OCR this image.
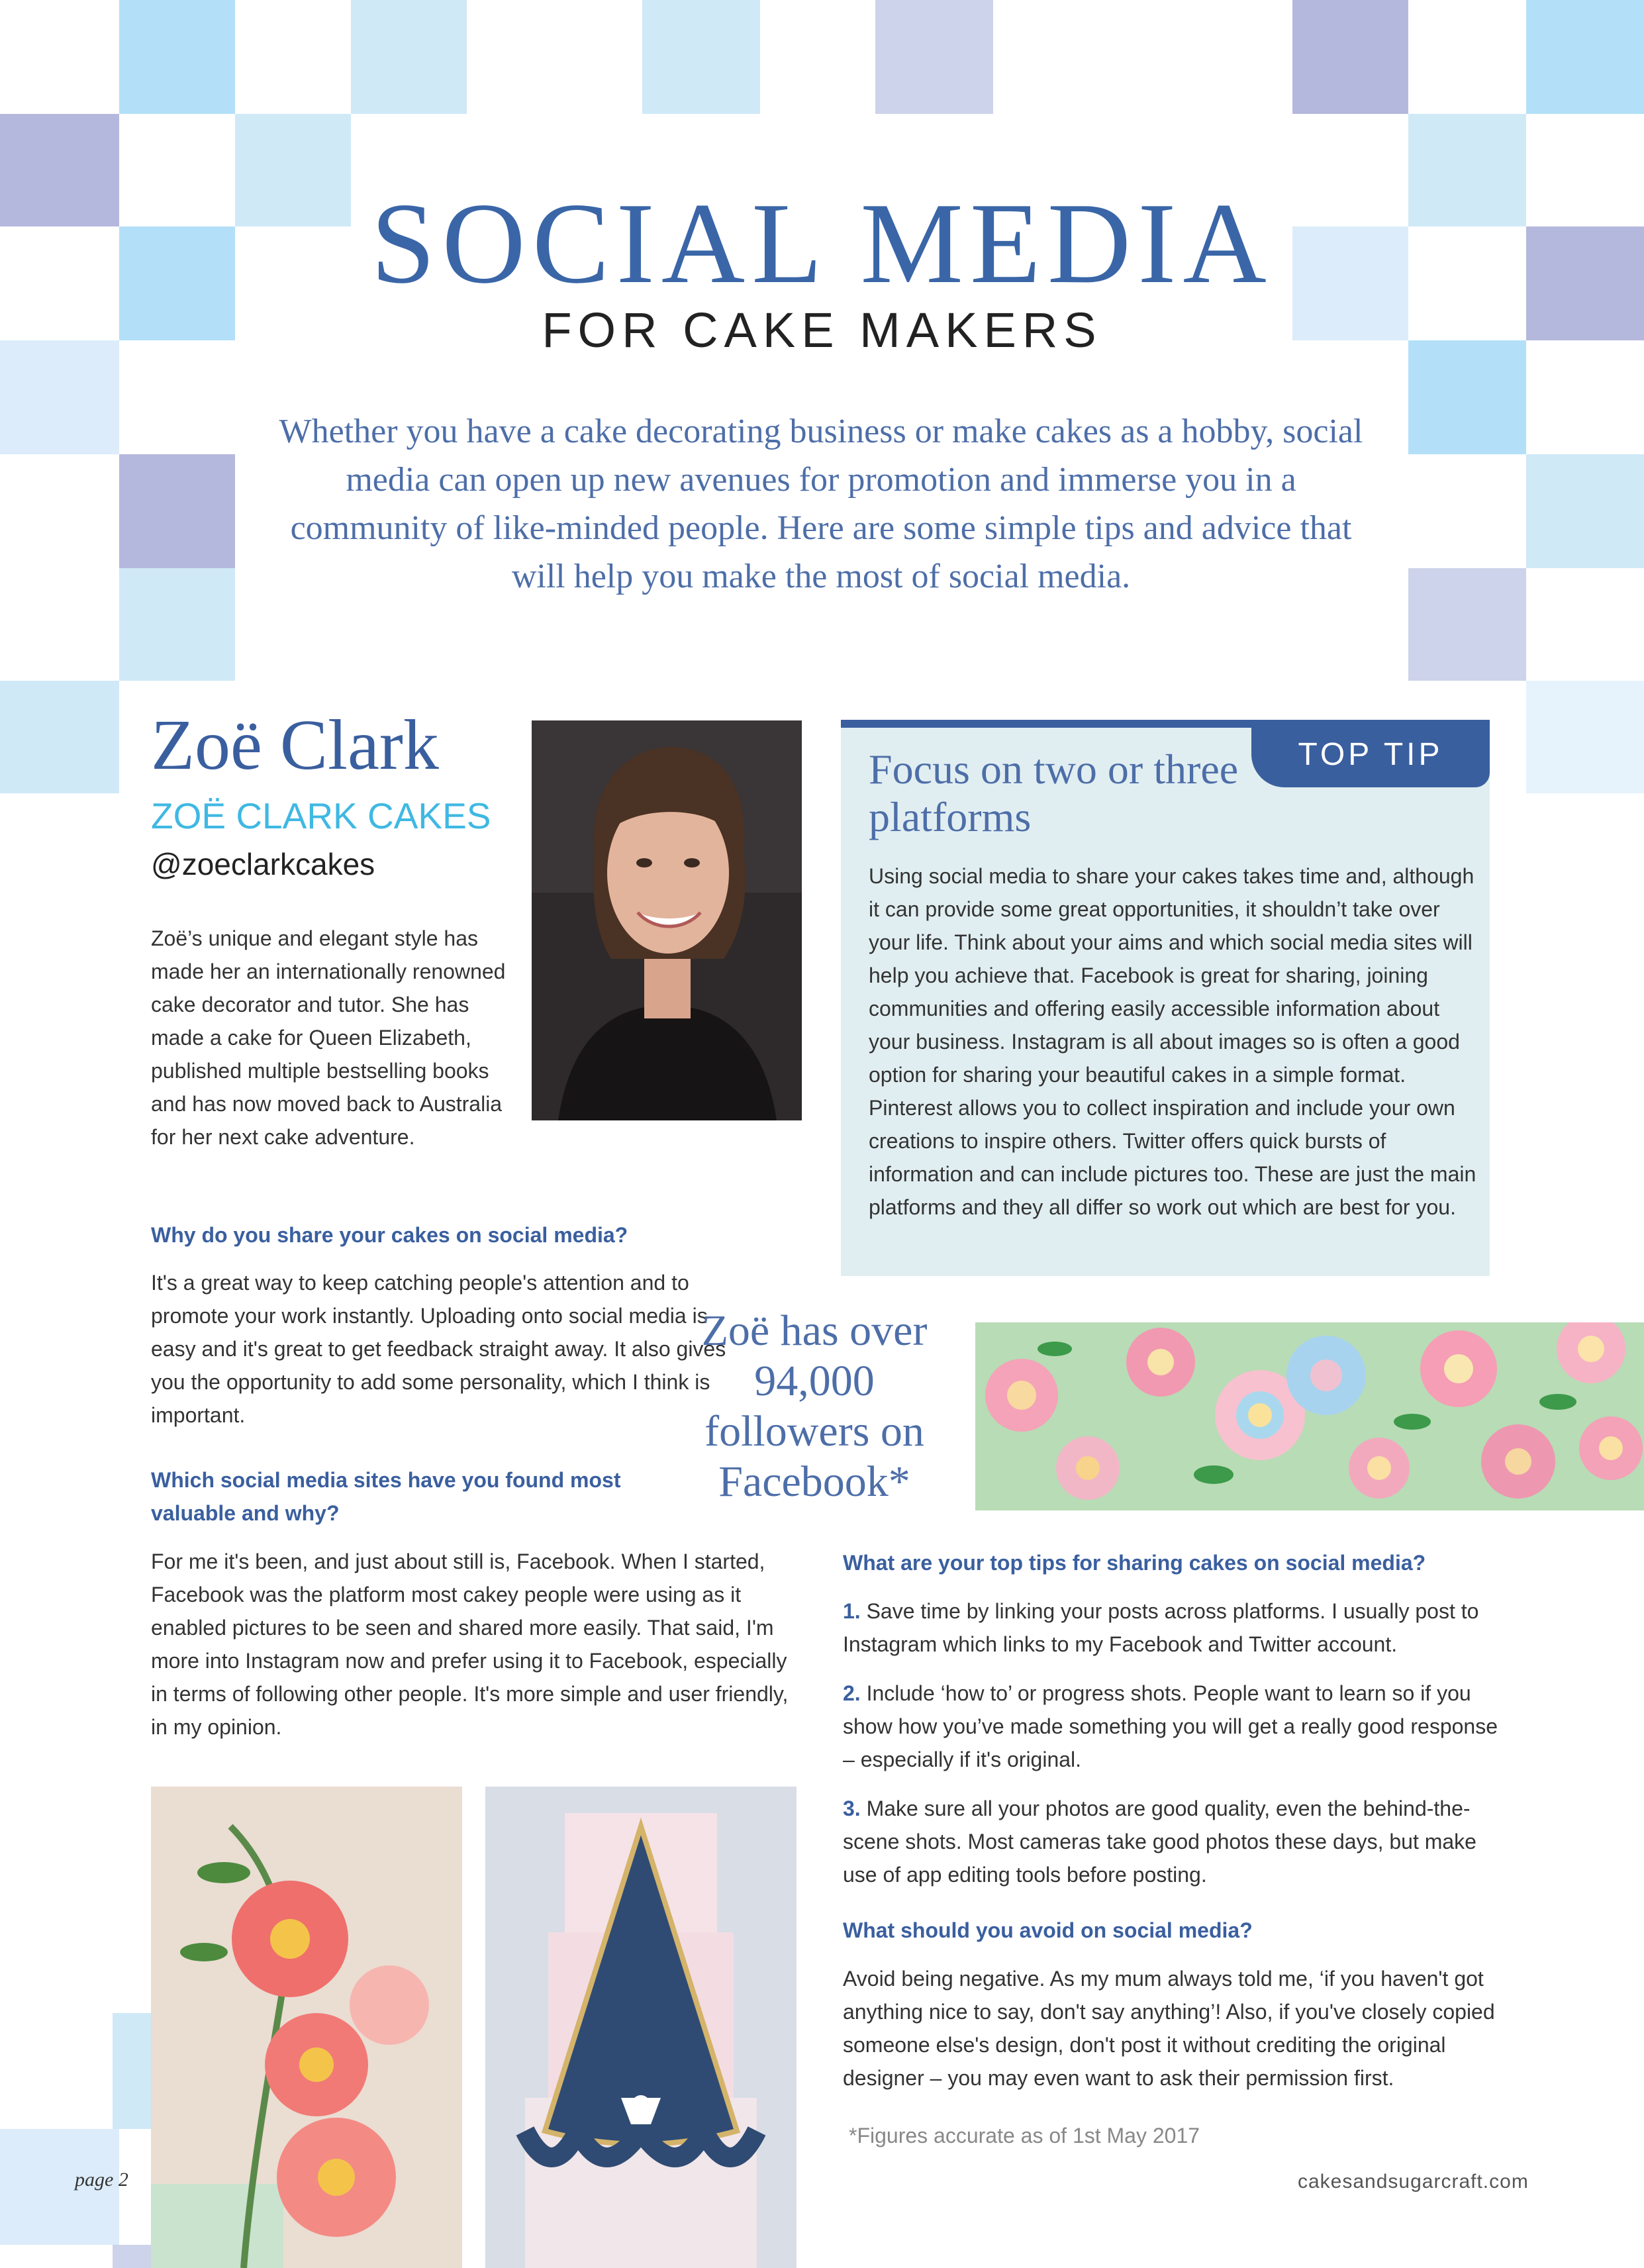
SOCIAL MEDIA
FOR CAKE MAKERS
Whether you have a cake decorating business or make cakes as a hobby, social media can open up new avenues for promotion and immerse you in a community of like-minded people. Here are some simple tips and advice that will help you make the most of social media.
Zoë Clark
ZOË CLARK CAKES
@zoeclarkcakes
Zoë’s unique and elegant style has made her an internationally renowned cake decorator and tutor. She has made a cake for Queen Elizabeth, published multiple bestselling books and has now moved back to Australia for her next cake adventure.
Why do you share your cakes on social media?
It's a great way to keep catching people's attention and to promote your work instantly. Uploading onto social media is easy and it's great to get feedback straight away. It also gives you the opportunity to add some personality, which I think is important.
Which social media sites have you found most
valuable and why?
For me it's been, and just about still is, Facebook. When I started, Facebook was the platform most cakey people were using as it enabled pictures to be seen and shared more easily. That said, I'm more into Instagram now and prefer using it to Facebook, especially in terms of following other people. It's more simple and user friendly, in my opinion.
TOP TIP
Focus on two or three platforms
Using social media to share your cakes takes time and, although it can provide some great opportunities, it shouldn’t take over your life. Think about your aims and which social media sites will help you achieve that. Facebook is great for sharing, joining communities and offering easily accessible information about your business. Instagram is all about images so is often a good option for sharing your beautiful cakes in a simple format. Pinterest allows you to collect inspiration and include your own creations to inspire others. Twitter offers quick bursts of information and can include pictures too. These are just the main platforms and they all differ so work out which are best for you.
Zoë has over 94,000 followers on Facebook*
What are your top tips for sharing cakes on social media?
1. Save time by linking your posts across platforms. I usually post to Instagram which links to my Facebook and Twitter account.
2. Include ‘how to’ or progress shots. People want to learn so if you show how you’ve made something you will get a really good response – especially if it's original.
3. Make sure all your photos are good quality, even the behind-the-scene shots. Most cameras take good photos these days, but make use of app editing tools before posting.
What should you avoid on social media?
Avoid being negative. As my mum always told me, ‘if you haven't got anything nice to say, don't say anything’! Also, if you've closely copied someone else's design, don't post it without crediting the original designer – you may even want to ask their permission first.
*Figures accurate as of 1st May 2017
page 2	cakesandsugarcraft.com
